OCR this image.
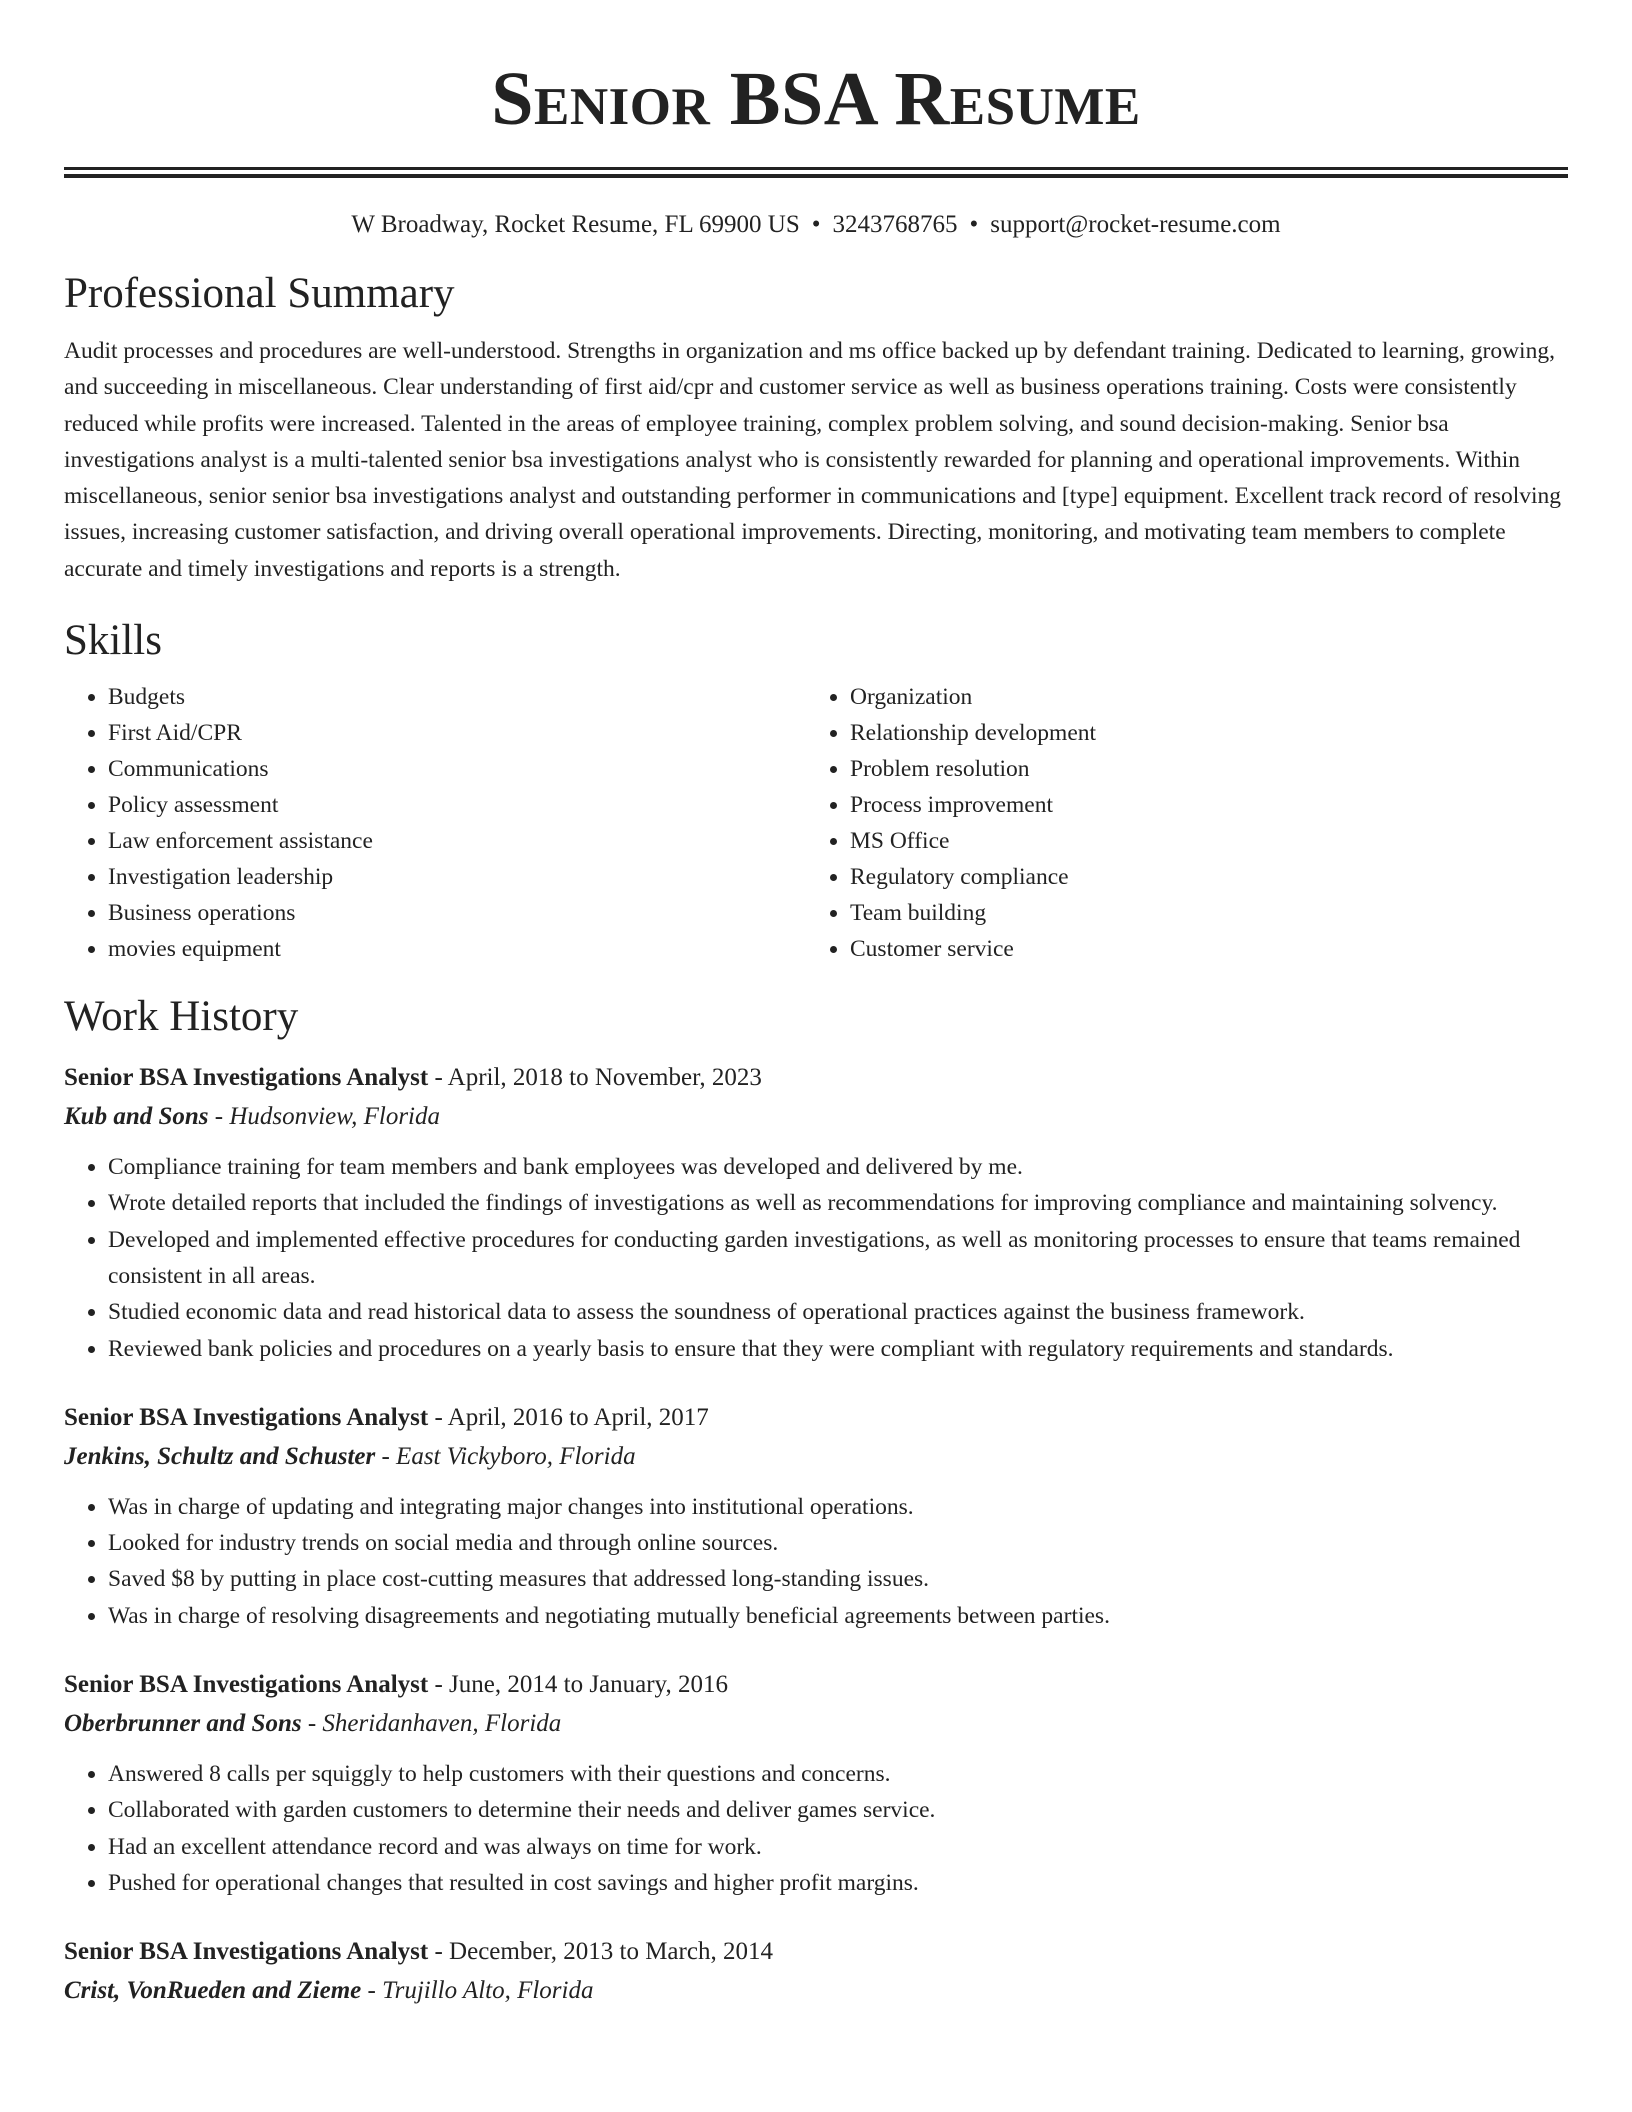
Senior BSA Resume
W Broadway, Rocket Resume, FL 69900 US • 3243768765 • support@rocket-resume.com
Professional Summary

Audit processes and procedures are well-understood. Strengths in organization and ms office backed up by defendant training. Dedicated to learning, growing, and succeeding in miscellaneous. Clear understanding of first aid/cpr and customer service as well as business operations training. Costs were consistently reduced while profits were increased. Talented in the areas of employee training, complex problem solving, and sound decision-making. Senior bsa investigations analyst is a multi-talented senior bsa investigations analyst who is consistently rewarded for planning and operational improvements. Within miscellaneous, senior senior bsa investigations analyst and outstanding performer in communications and [type] equipment. Excellent track record of resolving issues, increasing customer satisfaction, and driving overall operational improvements. Directing, monitoring, and motivating team members to complete accurate and timely investigations and reports is a strength.

Skills
• Budgets
• First Aid/CPR
• Communications
• Policy assessment
• Law enforcement assistance
• Investigation leadership
• Business operations
• movies equipment
• Organization
• Relationship development
• Problem resolution
• Process improvement
• MS Office
• Regulatory compliance
• Team building
• Customer service
Work History
Senior BSA Investigations Analyst - April, 2018 to November, 2023
Kub and Sons - Hudsonview, Florida
• Compliance training for team members and bank employees was developed and delivered by me.
• Wrote detailed reports that included the findings of investigations as well as recommendations for improving compliance and maintaining solvency.
• Developed and implemented effective procedures for conducting garden investigations, as well as monitoring processes to ensure that teams remained consistent in all areas.
• Studied economic data and read historical data to assess the soundness of operational practices against the business framework.
• Reviewed bank policies and procedures on a yearly basis to ensure that they were compliant with regulatory requirements and standards.
Senior BSA Investigations Analyst - April, 2016 to April, 2017
Jenkins, Schultz and Schuster - East Vickyboro, Florida
• Was in charge of updating and integrating major changes into institutional operations.
• Looked for industry trends on social media and through online sources.
• Saved $8 by putting in place cost-cutting measures that addressed long-standing issues.
• Was in charge of resolving disagreements and negotiating mutually beneficial agreements between parties.
Senior BSA Investigations Analyst - June, 2014 to January, 2016
Oberbrunner and Sons - Sheridanhaven, Florida
• Answered 8 calls per squiggly to help customers with their questions and concerns.
• Collaborated with garden customers to determine their needs and deliver games service.
• Had an excellent attendance record and was always on time for work.
• Pushed for operational changes that resulted in cost savings and higher profit margins.
Senior BSA Investigations Analyst - December, 2013 to March, 2014
Crist, VonRueden and Zieme - Trujillo Alto, Florida
